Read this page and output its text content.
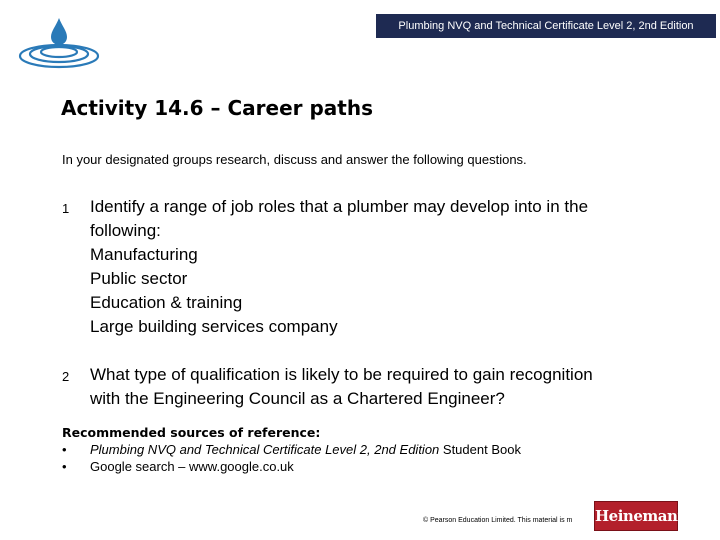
Plumbing NVQ and Technical Certificate Level 2, 2nd Edition
Activity 14.6 – Career paths
In your designated groups research, discuss and answer the following questions.
1 Identify a range of job roles that a plumber may develop into in the
following:
Manufacturing
Public sector
Education & training
Large building services company
2 What type of qualification is likely to be required to gain recognition
with the Engineering Council as a Chartered Engineer?
Recommended sources of reference:
• Plumbing NVQ and Technical Certificate Level 2, 2nd Edition Student Book
• Google search – www.google.co.uk
© Pearson Education Limited. This material is m	Heinemann
